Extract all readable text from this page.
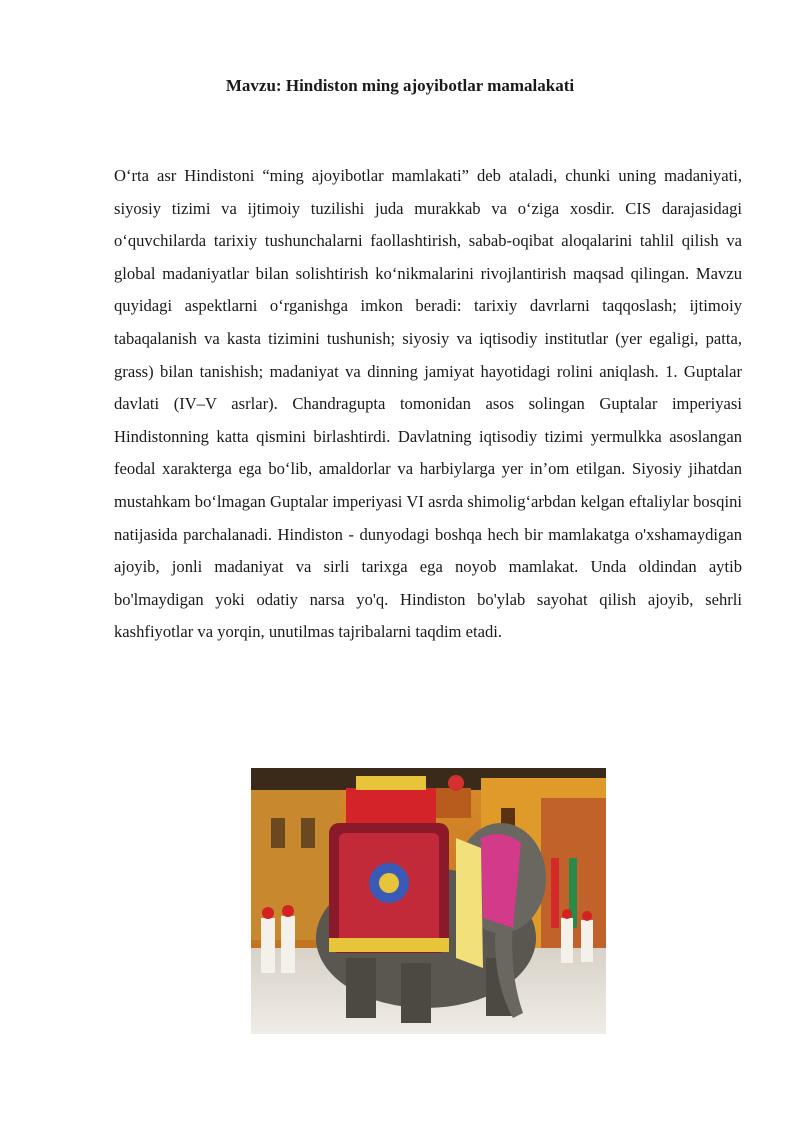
Mavzu: Hindiston ming ajoyibotlar mamalakati

O‘rta asr Hindistoni “ming ajoyibotlar mamlakati” deb ataladi, chunki uning madaniyati, siyosiy tizimi va ijtimoiy tuzilishi juda murakkab va o‘ziga xosdir. CIS darajasidagi o‘quvchilarda tarixiy tushunchalarni faollashtirish, sabab-oqibat aloqalarini tahlil qilish va global madaniyatlar bilan solishtirish ko‘nikmalarini rivojlantirish maqsad qilingan. Mavzu quyidagi aspektlarni o‘rganishga imkon beradi: tarixiy davrlarni taqqoslash; ijtimoiy tabaqalanish va kasta tizimini tushunish; siyosiy va iqtisodiy institutlar (yer egaligi, patta, grass) bilan tanishish; madaniyat va dinning jamiyat hayotidagi rolini aniqlash. 1. Guptalar davlati (IV–V asrlar). Chandragupta tomonidan asos solingan Guptalar imperiyasi Hindistonning katta qismini birlashtirdi. Davlatning iqtisodiy tizimi yermulkka asoslangan feodal xarakterga ega bo‘lib, amaldorlar va harbiylarga yer in’om etilgan. Siyosiy jihatdan mustahkam bo‘lmagan Guptalar imperiyasi VI asrda shimolig‘arbdan kelgan eftaliylar bosqini natijasida parchalanadi. Hindiston - dunyodagi boshqa hech bir mamlakatga o'xshamaydigan ajoyib, jonli madaniyat va sirli tarixga ega noyob mamlakat. Unda oldindan aytib bo'lmaydigan yoki odatiy narsa yo'q. Hindiston bo'ylab sayohat qilish ajoyib, sehrli kashfiyotlar va yorqin, unutilmas tajribalarni taqdim etadi.
